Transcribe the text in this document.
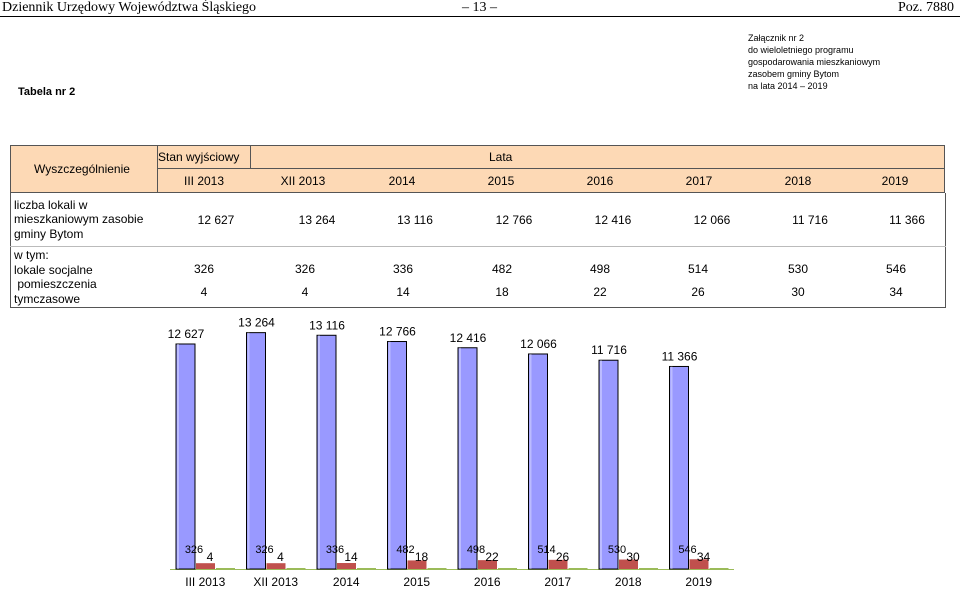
Dziennik Urzędowy Województwa Śląskiego	– 13 –	Poz. 7880
Załącznik nr 2
do wieloletniego programu
gospodarowania mieszkaniowym
zasobem gminy Bytom
na lata 2014 – 2019
Tabela nr 2
Wyszczególnienie
Stan wyjściowy	Lata
III 2013	XII 2013	2014	2015	2016	2017	2018	2019
liczba lokali w
mieszkaniowym zasobie
gminy Bytom
12 627	13 264	13 116	12 766	12 416	12 066	11 716	11 366
w tym:
lokale socjalne	326	326	336	482	498	514	530	546
pomieszczenia
tymczasowe	4	4	14	18	22	26	30	34
12 627
326 4
III 2013
13 264
326 4
XII 2013
13 116
336 14
2014
12 766
482 18
2015
12 416
498 22
2016
12 066
514 26
2017
11 716
530 30
2018
11 366
546 34
2019
